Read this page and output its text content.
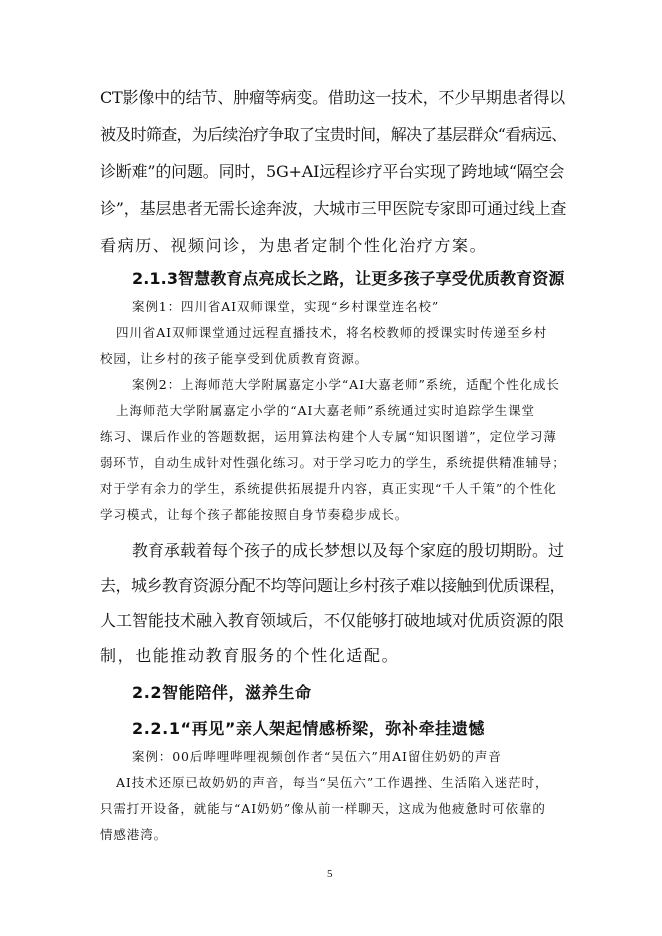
CT影像中的结节、肿瘤等病变。借助这一技术，不少早期患者得以
被及时筛查，为后续治疗争取了宝贵时间，解决了基层群众“看病远、
诊断难”的问题。同时，5G+AI远程诊疗平台实现了跨地域“隔空会
诊”，基层患者无需长途奔波，大城市三甲医院专家即可通过线上查
看病历、视频问诊，为患者定制个性化治疗方案。
2.1.3智慧教育点亮成长之路，让更多孩子享受优质教育资源
案例1：四川省AI双师课堂，实现“乡村课堂连名校”
四川省AI双师课堂通过远程直播技术，将名校教师的授课实时传递至乡村
校园，让乡村的孩子能享受到优质教育资源。
案例2：上海师范大学附属嘉定小学“AI大嘉老师”系统，适配个性化成长
上海师范大学附属嘉定小学的“AI大嘉老师”系统通过实时追踪学生课堂
练习、课后作业的答题数据，运用算法构建个人专属“知识图谱”，定位学习薄
弱环节，自动生成针对性强化练习。对于学习吃力的学生，系统提供精准辅导；
对于学有余力的学生，系统提供拓展提升内容，真正实现“千人千策”的个性化
学习模式，让每个孩子都能按照自身节奏稳步成长。
教育承载着每个孩子的成长梦想以及每个家庭的殷切期盼。过
去，城乡教育资源分配不均等问题让乡村孩子难以接触到优质课程，
人工智能技术融入教育领域后，不仅能够打破地域对优质资源的限
制，也能推动教育服务的个性化适配。
2.2智能陪伴，滋养生命
2.2.1“再见”亲人架起情感桥梁，弥补牵挂遗憾
案例：00后哔哩哔哩视频创作者“吴伍六”用AI留住奶奶的声音
AI技术还原已故奶奶的声音，每当“吴伍六”工作遇挫、生活陷入迷茫时，
只需打开设备，就能与“AI奶奶”像从前一样聊天，这成为他疲惫时可依靠的
情感港湾。
5
